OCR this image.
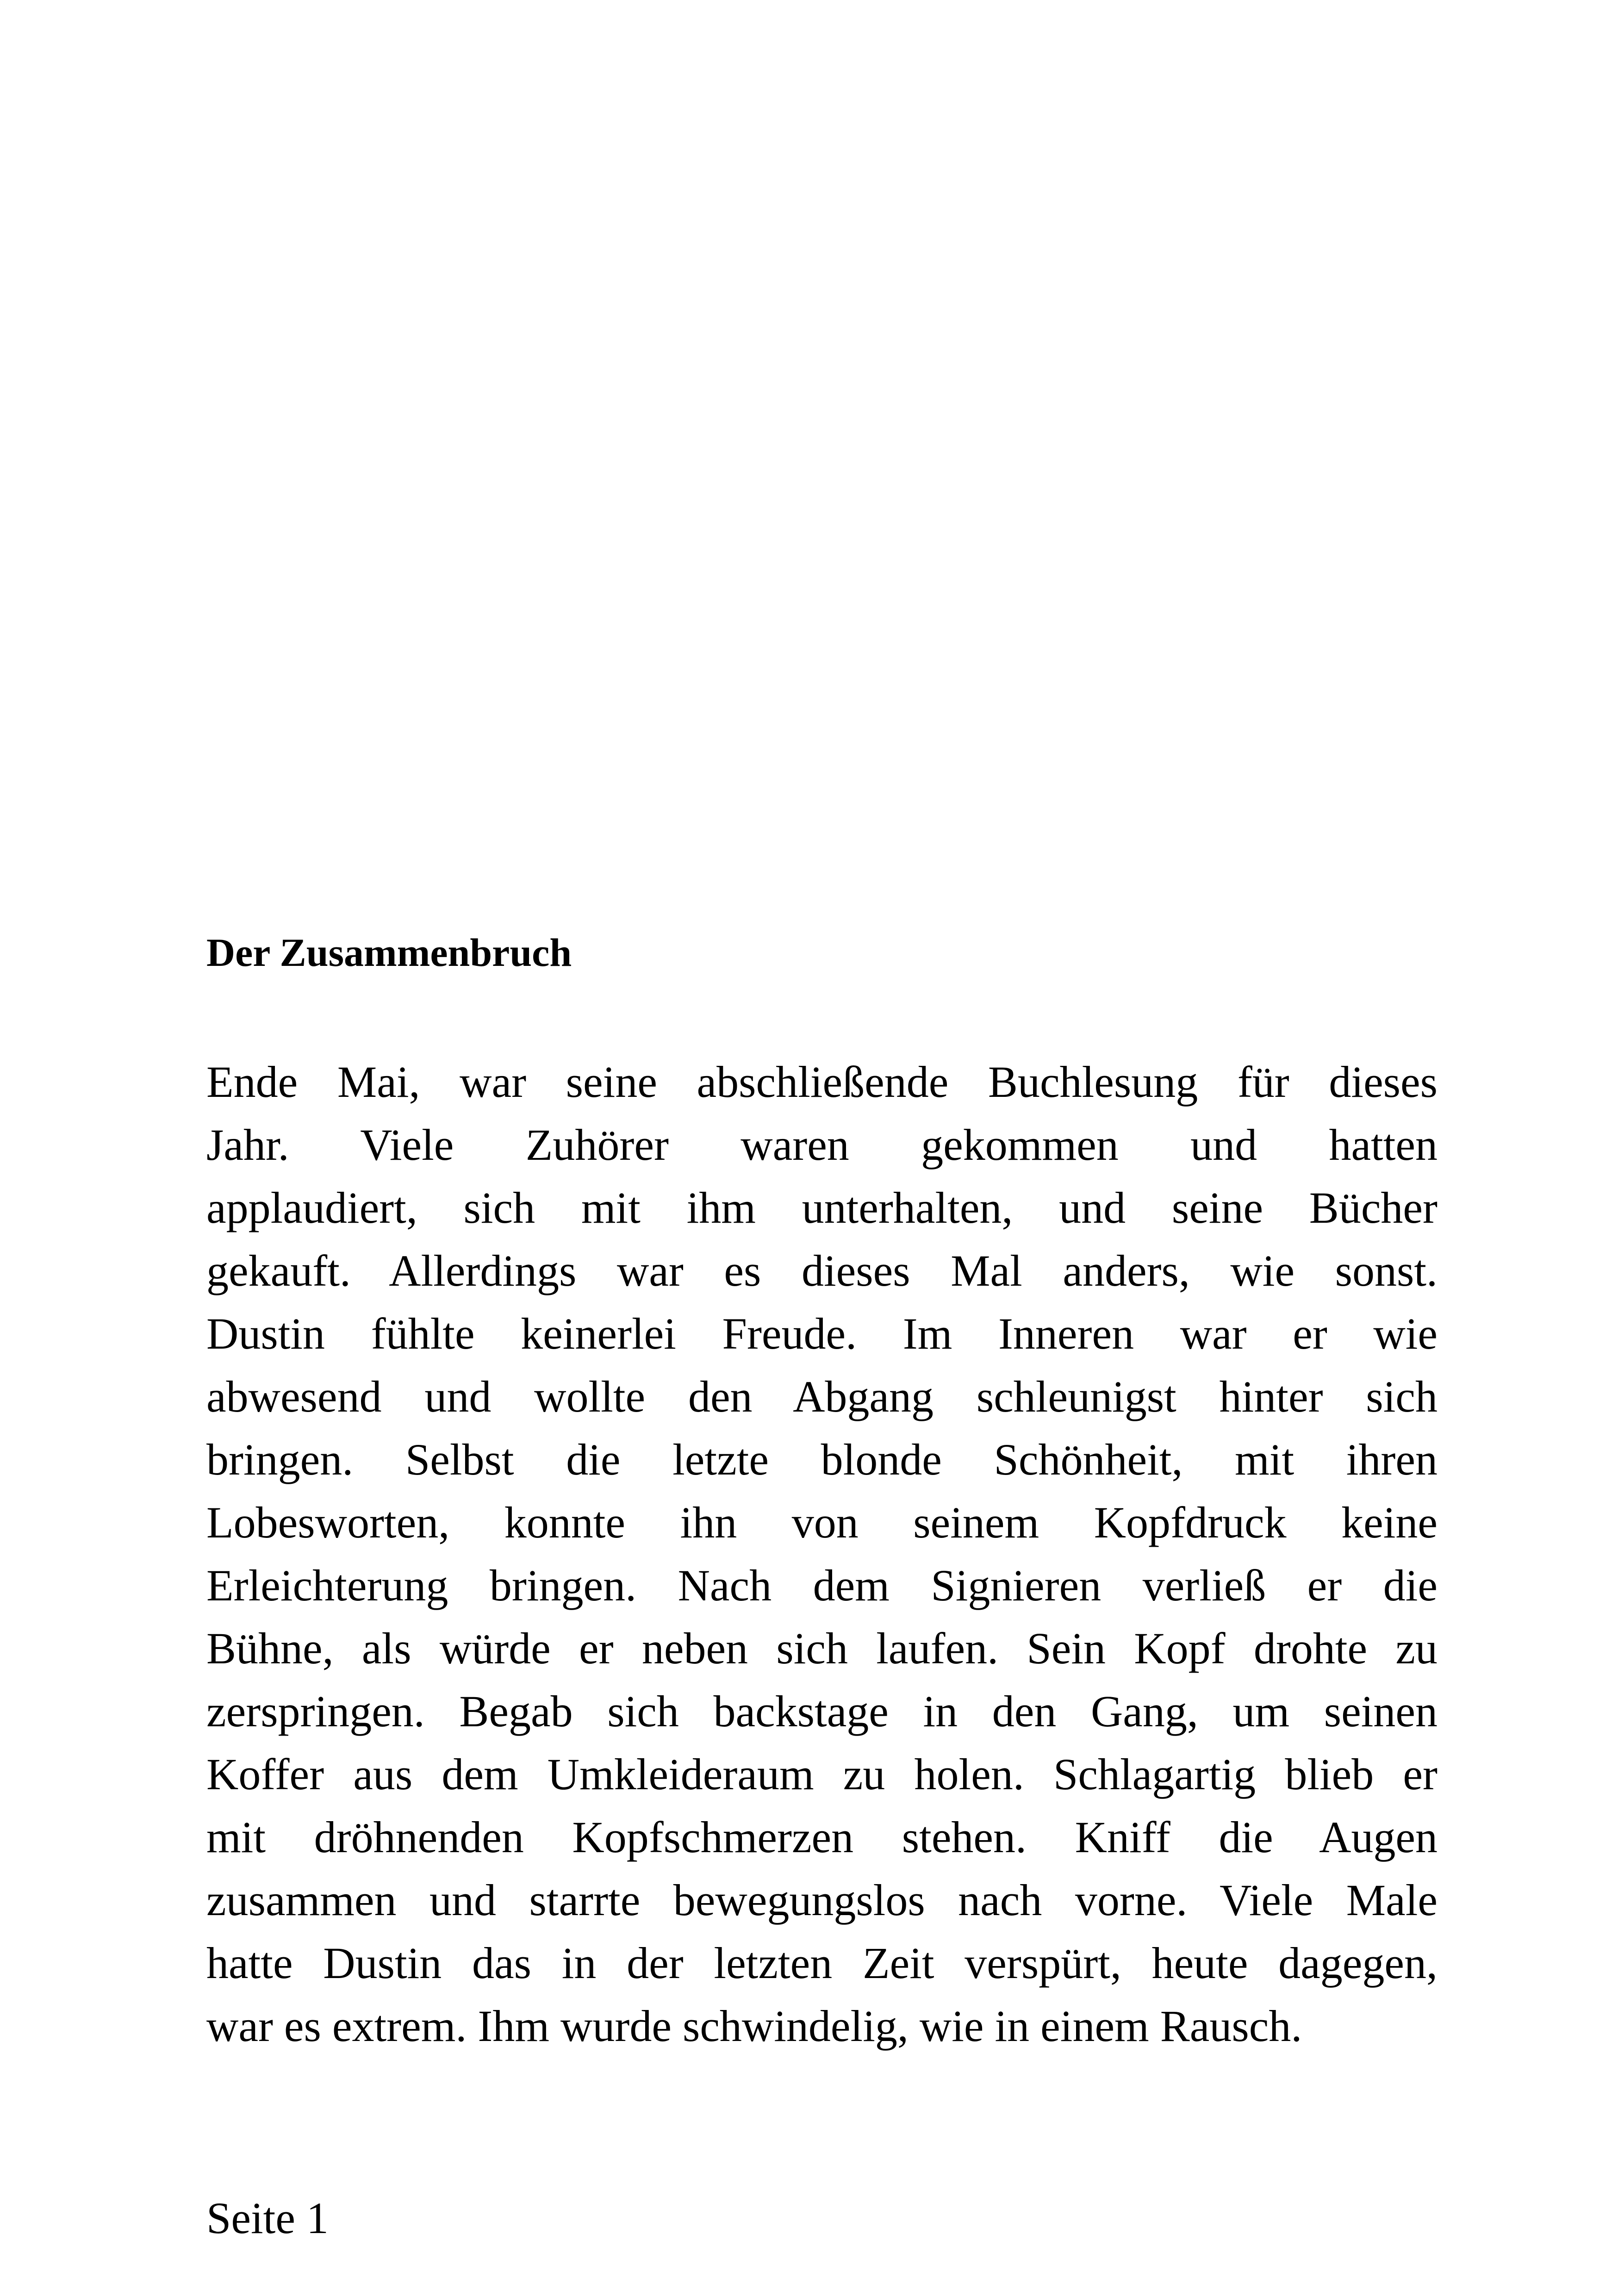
Der Zusammenbruch
Ende Mai, war seine abschließende Buchlesung für dieses
Jahr. Viele Zuhörer waren gekommen und hatten
applaudiert, sich mit ihm unterhalten, und seine Bücher
gekauft. Allerdings war es dieses Mal anders, wie sonst.
Dustin fühlte keinerlei Freude. Im Inneren war er wie
abwesend und wollte den Abgang schleunigst hinter sich
bringen. Selbst die letzte blonde Schönheit, mit ihren
Lobesworten, konnte ihn von seinem Kopfdruck keine
Erleichterung bringen. Nach dem Signieren verließ er die
Bühne, als würde er neben sich laufen. Sein Kopf drohte zu
zerspringen. Begab sich backstage in den Gang, um seinen
Koffer aus dem Umkleideraum zu holen. Schlagartig blieb er
mit dröhnenden Kopfschmerzen stehen. Kniff die Augen
zusammen und starrte bewegungslos nach vorne. Viele Male
hatte Dustin das in der letzten Zeit verspürt, heute dagegen,
war es extrem. Ihm wurde schwindelig, wie in einem Rausch.
Seite 1
